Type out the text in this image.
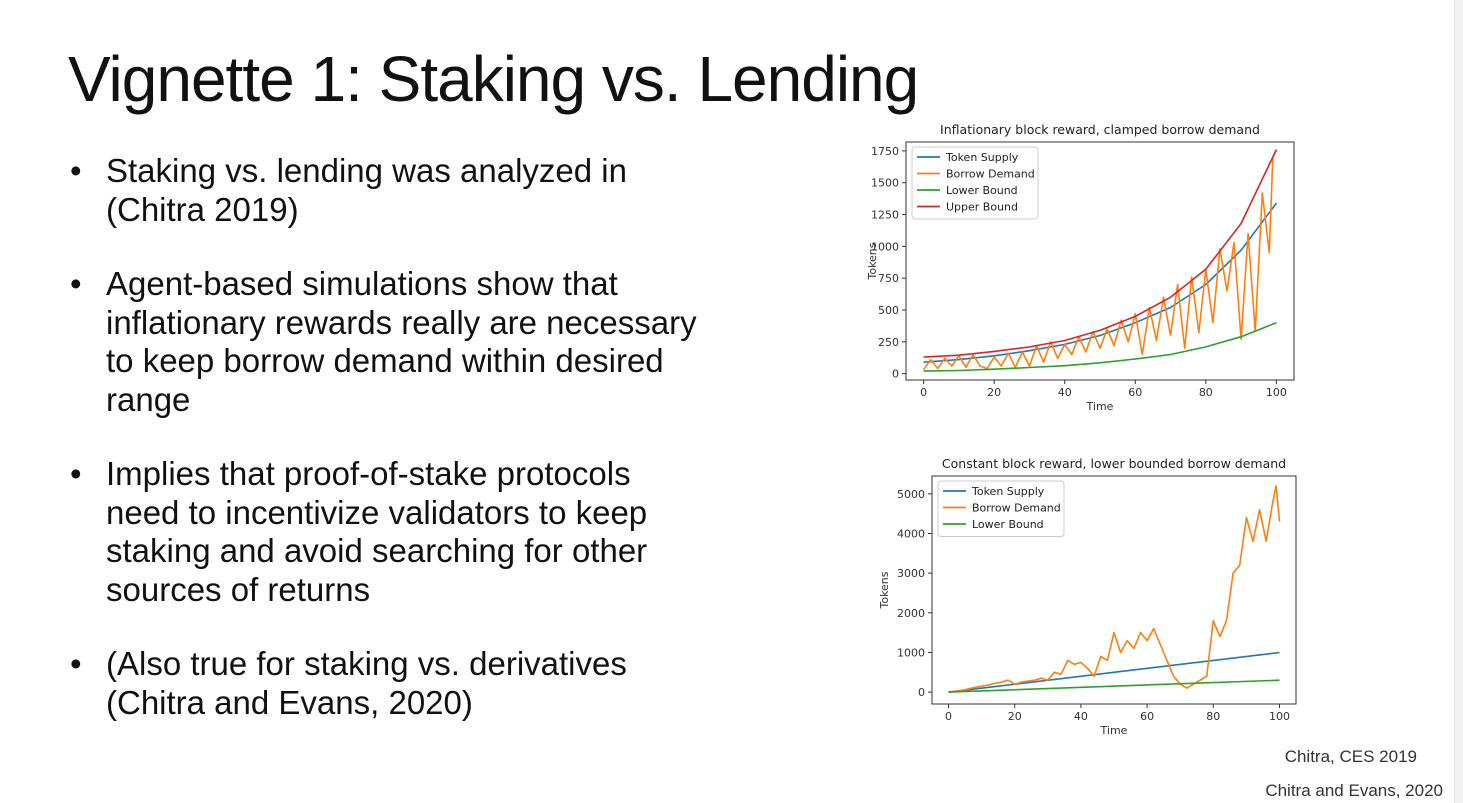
Vignette 1: Staking vs. Lending
• Staking vs. lending was analyzed in
(Chitra 2019)
• Agent-based simulations show that
inflationary rewards really are necessary
to keep borrow demand within desired
range
• Implies that proof-of-stake protocols
need to incentivize validators to keep
staking and avoid searching for other
sources of returns
• (Also true for staking vs. derivatives
(Chitra and Evans, 2020)
Inflationary block reward, clamped borrow demand
0	20	40	60	80	100
0
250
500
750
1000
1250
1500
1750
Time
Tokens
Token Supply
Borrow Demand
Lower Bound
Upper Bound
Constant block reward, lower bounded borrow demand
0	20	40	60	80	100
0
1000
2000
3000
4000
5000
Time
Tokens
Token Supply
Borrow Demand
Lower Bound
Chitra, CES 2019
Chitra and Evans, 2020
